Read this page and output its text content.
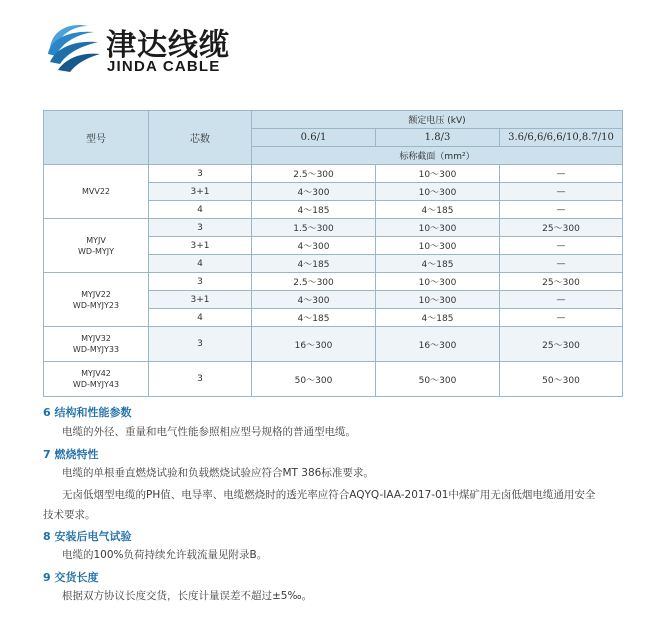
津达线缆
JINDA CABLE
型号	芯数	额定电压 (kV)		
		0.6/1	1.8/3	3.6/6,6/6,6/10,8.7/10
		标称截面（mm²）		
MVV22	3	2.5～300	10～300	—
	3+1	4～300	10～300	—
	4	4～185	4～185	—
MYJV
WD-MYJY	3	1.5～300	10～300	25～300
	3+1	4～300	10～300	—
	4	4～185	4～185	—
MYJV22
WD-MYJY23	3	2.5～300	10～300	25～300
	3+1	4～300	10～300	—
	4	4～185	4～185	—
MYJV32
WD-MYJY33	3	16～300	16～300	25～300
MYJV42
WD-MYJY43	3	50～300	50～300	50～300
6 结构和性能参数
电缆的外径、重量和电气性能参照相应型号规格的普通型电缆。
7 燃烧特性
电缆的单根垂直燃烧试验和负载燃烧试验应符合MT 386标准要求。
无卤低烟型电缆的PH值、电导率、电缆燃烧时的透光率应符合AQYQ-IAA-2017-01中煤矿用无卤低烟电缆通用安全
技术要求。
8 安装后电气试验
电缆的100%负荷持续允许载流量见附录B。
9 交货长度
根据双方协议长度交货，长度计量误差不超过±5‰。
